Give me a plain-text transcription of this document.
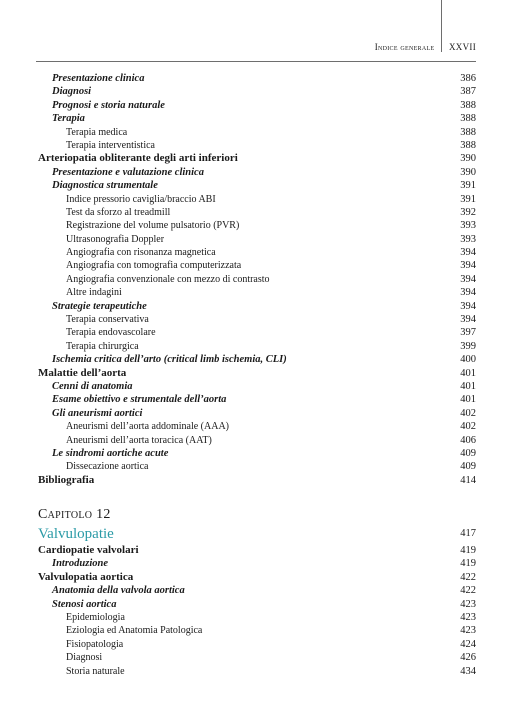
Indice generale XXVII
Presentazione clinica	386
Diagnosi	387
Prognosi e storia naturale	388
Terapia	388
Terapia medica	388
Terapia interventistica	388
Arteriopatia obliterante degli arti inferiori	390
Presentazione e valutazione clinica	390
Diagnostica strumentale	391
Indice pressorio caviglia/braccio ABI	391
Test da sforzo al treadmill	392
Registrazione del volume pulsatorio (PVR)	393
Ultrasonografia Doppler	393
Angiografia con risonanza magnetica	394
Angiografia con tomografia computerizzata	394
Angiografia convenzionale con mezzo di contrasto	394
Altre indagini	394
Strategie terapeutiche	394
Terapia conservativa	394
Terapia endovascolare	397
Terapia chirurgica	399
Ischemia critica dell’arto (critical limb ischemia, CLI)	400
Malattie dell’aorta	401
Cenni di anatomia	401
Esame obiettivo e strumentale dell’aorta	401
Gli aneurismi aortici	402
Aneurismi dell’aorta addominale (AAA)	402
Aneurismi dell’aorta toracica (AAT)	406
Le sindromi aortiche acute	409
Dissecazione aortica	409
Bibliografia	414
Capitolo 12
Valvulopatie	417
Cardiopatie valvolari	419
Introduzione	419
Valvulopatia aortica	422
Anatomia della valvola aortica	422
Stenosi aortica	423
Epidemiologia	423
Eziologia ed Anatomia Patologica	423
Fisiopatologia	424
Diagnosi	426
Storia naturale	434
